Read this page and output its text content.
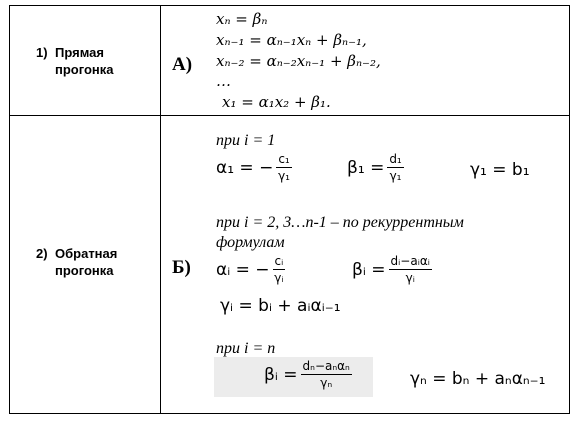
1) Прямая
прогонка	А)
xₙ = βₙ
xₙ₋₁ = αₙ₋₁xₙ + βₙ₋₁,
xₙ₋₂ = αₙ₋₂xₙ₋₁ + βₙ₋₂,
…
x₁ = α₁x₂ + β₁.
2) Обратная
прогонка	Б)
при i = 1
α₁ = − $\frac{\text{c₁}}{\text{γ₁}}$	$\beta_1 = \frac{\text{d₁}}{\text{γ₁}}$	γ₁ = b₁
при i = 2, 3…n-1 – по рекуррентным
формулам
αᵢ = − $\frac{\text{cᵢ}}{\text{γᵢ}}$	βᵢ = $\frac{\text{dᵢ−aᵢαᵢ}}{\text{γᵢ}}$
γᵢ = bᵢ + aᵢαᵢ₋₁
при i = n
βᵢ = $\frac{\text{dₙ−aₙαₙ}}{\text{γₙ}}$	γₙ = bₙ + aₙαₙ₋₁
